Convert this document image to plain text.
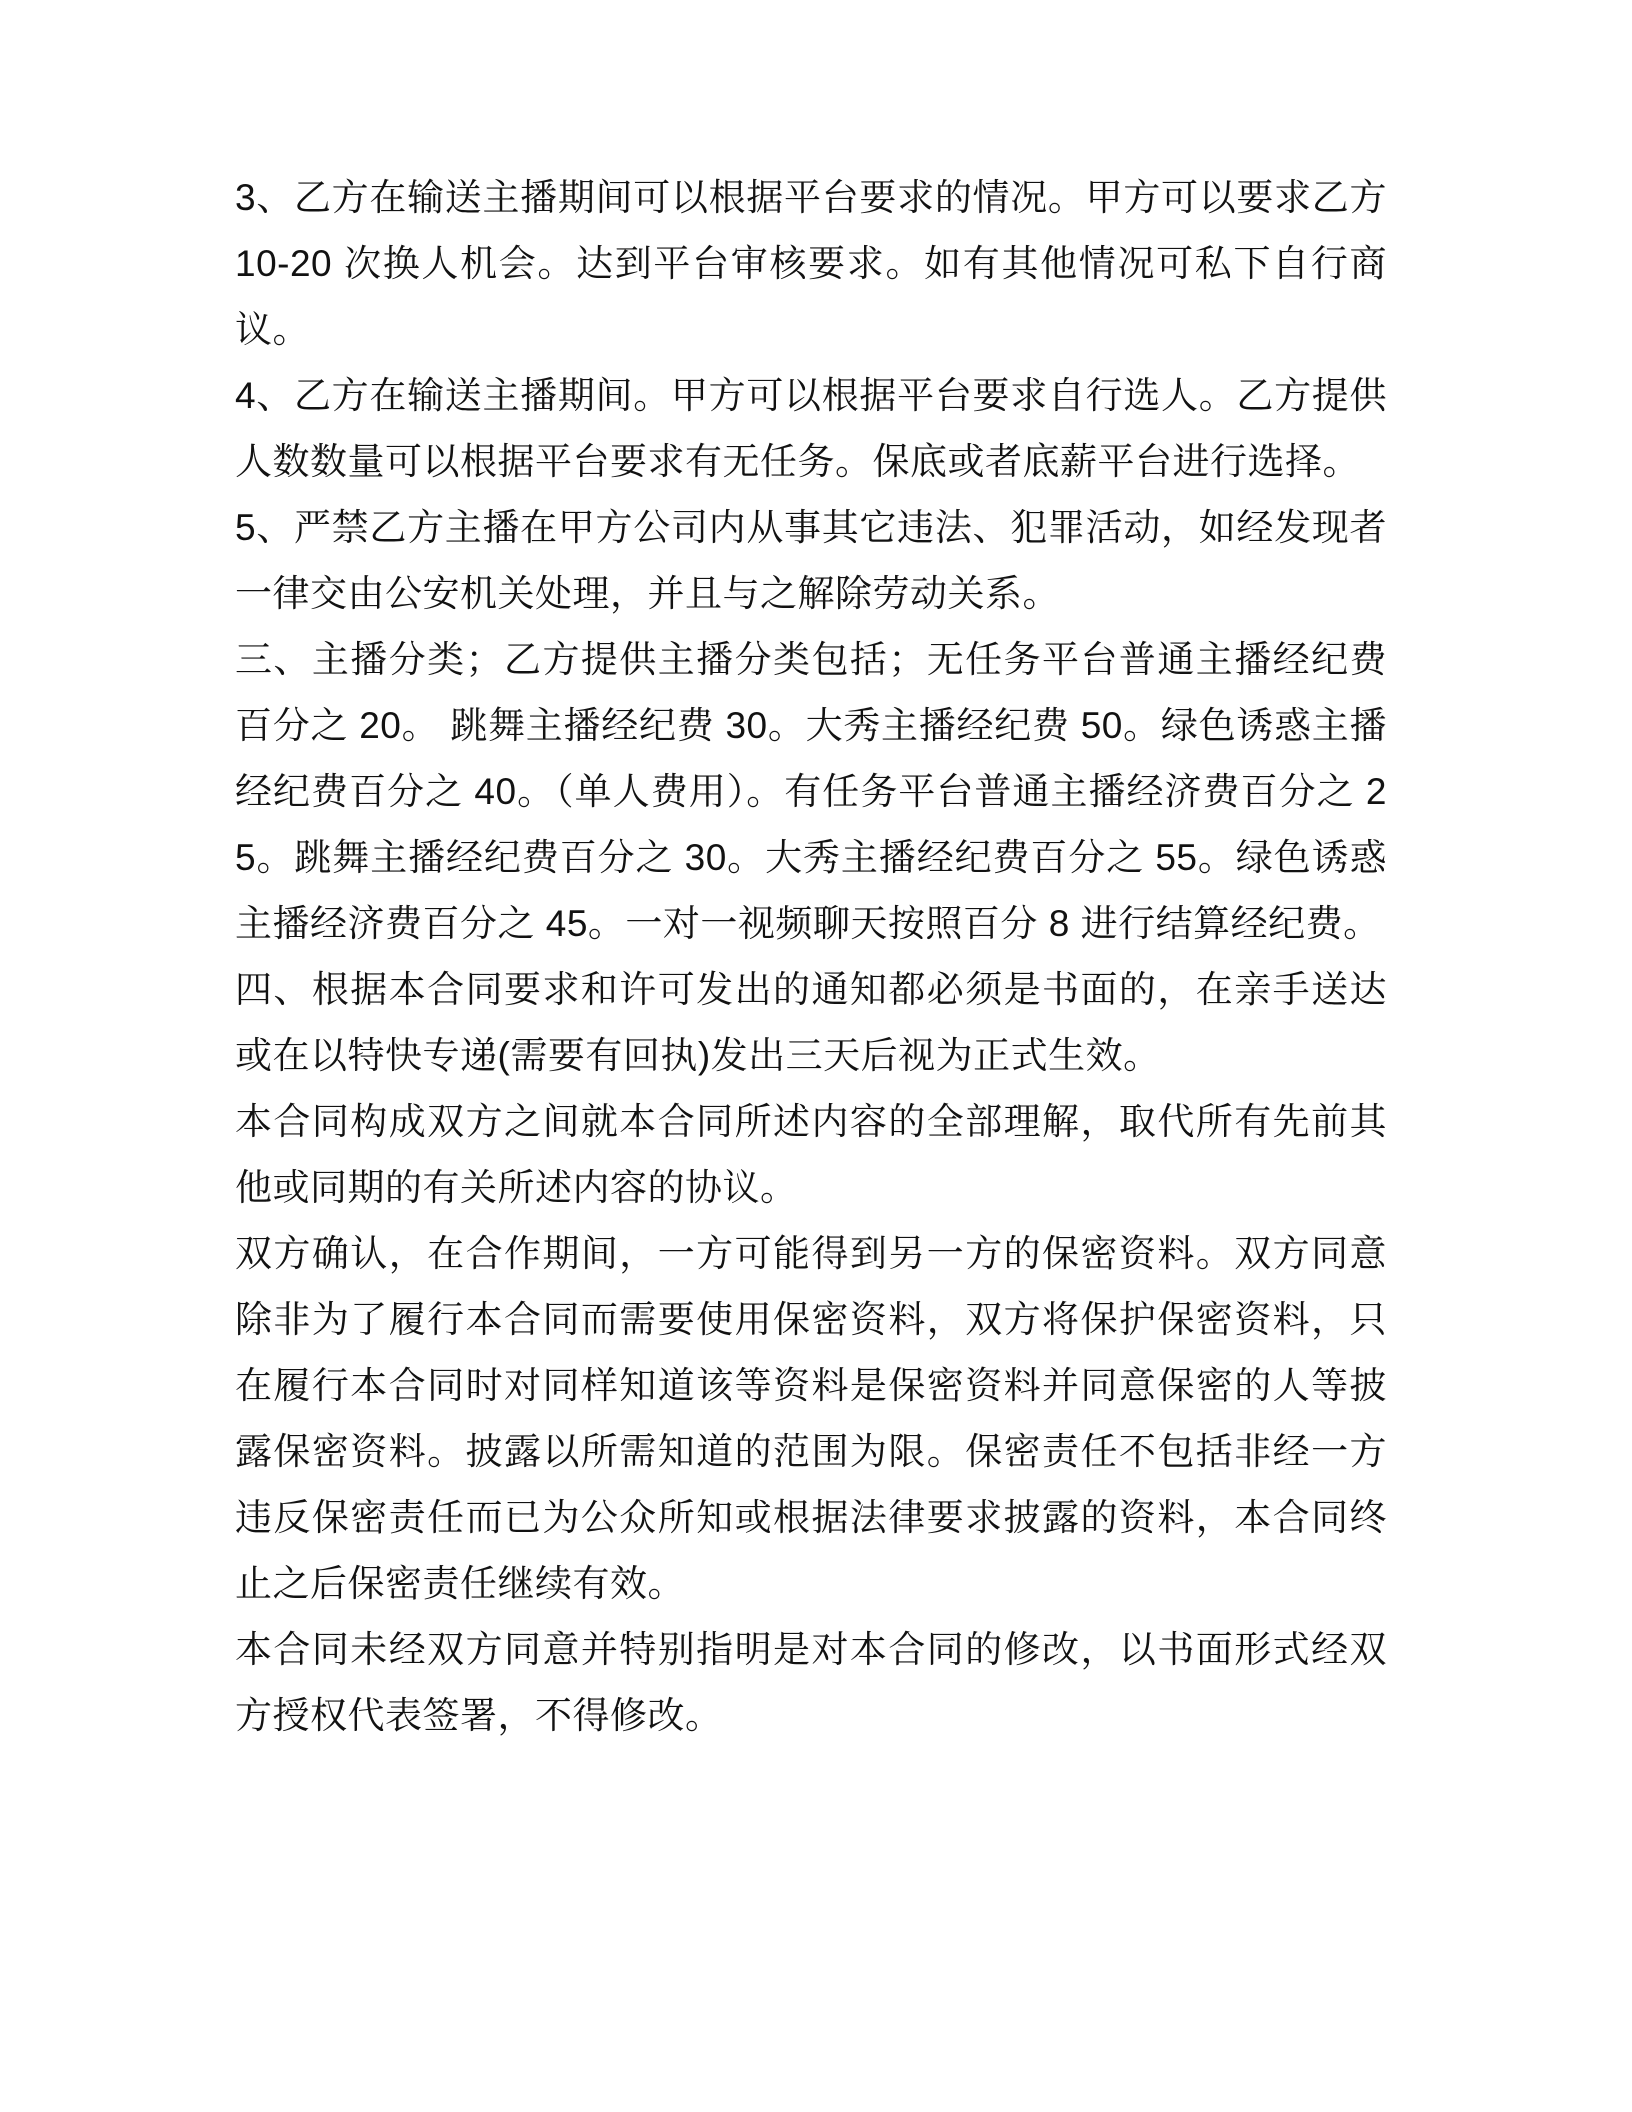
3、乙方在输送主播期间可以根据平台要求的情况。甲方可以要求乙方 10-20 次换人机会。达到平台审核要求。如有其他情况可私下自行商议。

4、乙方在输送主播期间。甲方可以根据平台要求自行选人。乙方提供人数数量可以根据平台要求有无任务。保底或者底薪平台进行选择。

5、严禁乙方主播在甲方公司内从事其它违法、犯罪活动，如经发现者一律交由公安机关处理，并且与之解除劳动关系。

三、主播分类；乙方提供主播分类包括；无任务平台普通主播经纪费百分之 20。 跳舞主播经纪费 30。大秀主播经纪费 50。绿色诱惑主播经纪费百分之 40。（单人费用）。有任务平台普通主播经济费百分之 25。跳舞主播经纪费百分之 30。大秀主播经纪费百分之 55。绿色诱惑主播经济费百分之 45。一对一视频聊天按照百分 8 进行结算经纪费。

四、根据本合同要求和许可发出的通知都必须是书面的，在亲手送达或在以特快专递(需要有回执)发出三天后视为正式生效。

本合同构成双方之间就本合同所述内容的全部理解，取代所有先前其他或同期的有关所述内容的协议。

双方确认，在合作期间，一方可能得到另一方的保密资料。双方同意除非为了履行本合同而需要使用保密资料，双方将保护保密资料，只在履行本合同时对同样知道该等资料是保密资料并同意保密的人等披露保密资料。披露以所需知道的范围为限。保密责任不包括非经一方违反保密责任而已为公众所知或根据法律要求披露的资料，本合同终止之后保密责任继续有效。

本合同未经双方同意并特别指明是对本合同的修改，以书面形式经双方授权代表签署，不得修改。
